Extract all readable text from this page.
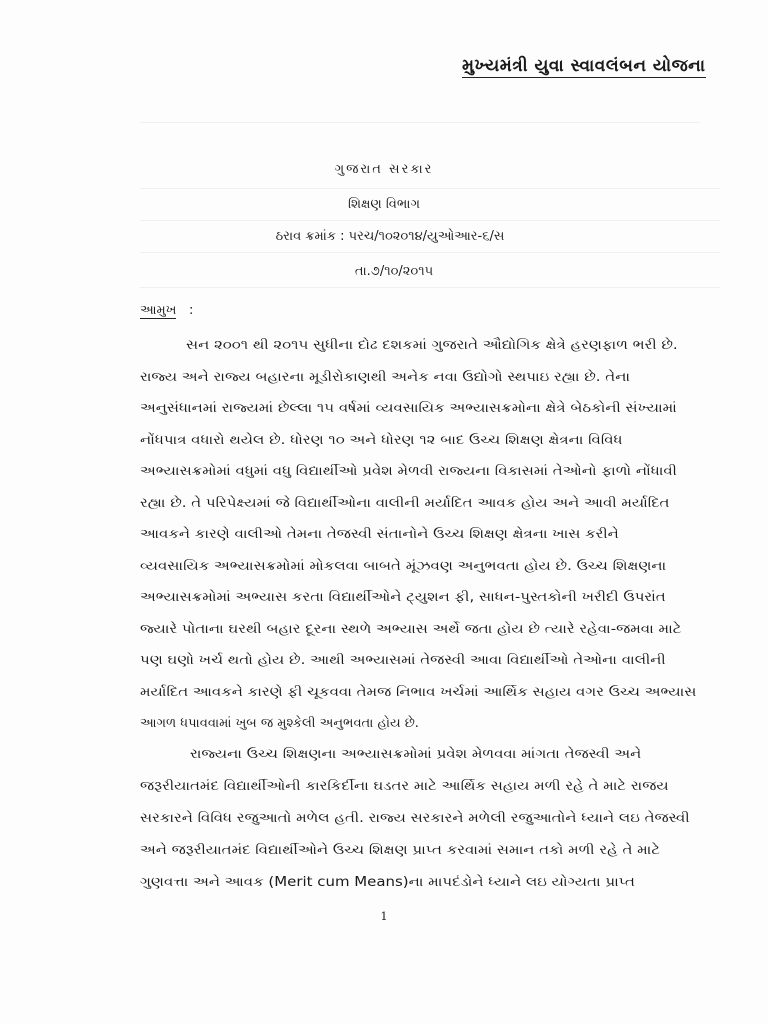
મુખ્યમંત્રી યુવા સ્વાવલંબન યોજના
ગુજરાત સરકાર
શિક્ષણ વિભાગ
ઠરાવ ક્રમાંક : પરચ/૧૦૨૦૧૪/યુઓઆર-૬/સ
તા.૭/૧૦/૨૦૧૫
આમુખ :
સન ૨૦૦૧ થી ૨૦૧૫ સુધીના દોઢ દશકમાં ગુજરાતે ઔદ્યોગિક ક્ષેત્રે હરણફાળ ભરી છે.
રાજ્ય અને રાજ્ય બહારના મૂડીરોકાણથી અનેક નવા ઉદ્યોગો સ્થપાઇ રહ્યા છે. તેના
અનુસંધાનમાં રાજ્યમાં છેલ્લા ૧૫ વર્ષમાં વ્યવસાયિક અભ્યાસક્રમોના ક્ષેત્રે બેઠકોની સંખ્યામાં
નોંધપાત્ર વધારો થયેલ છે. ધોરણ ૧૦ અને ધોરણ ૧૨ બાદ ઉચ્ચ શિક્ષણ ક્ષેત્રના વિવિધ
અભ્યાસક્રમોમાં વધુમાં વધુ વિદ્યાર્થીઓ પ્રવેશ મેળવી રાજ્યના વિકાસમાં તેઓનો ફાળો નોંધાવી
રહ્યા છે. તે પરિપેક્ષ્યમાં જે વિદ્યાર્થીઓના વાલીની મર્યાદિત આવક હોય અને આવી મર્યાદિત
આવકને કારણે વાલીઓ તેમના તેજસ્વી સંતાનોને ઉચ્ચ શિક્ષણ ક્ષેત્રના ખાસ કરીને
વ્યવસાયિક અભ્યાસક્રમોમાં મોકલવા બાબતે મૂંઝવણ અનુભવતા હોય છે. ઉચ્ચ શિક્ષણના
અભ્યાસક્રમોમાં અભ્યાસ કરતા વિદ્યાર્થીઓને ટ્યુશન ફી, સાધન-પુસ્તકોની ખરીદી ઉપરાંત
જ્યારે પોતાના ઘરથી બહાર દૂરના સ્થળે અભ્યાસ અર્થે જતા હોય છે ત્યારે રહેવા-જમવા માટે
પણ ઘણો ખર્ચ થતો હોય છે. આથી અભ્યાસમાં તેજસ્વી આવા વિદ્યાર્થીઓ તેઓના વાલીની
મર્યાદિત આવકને કારણે ફી ચૂકવવા તેમજ નિભાવ ખર્ચમાં આર્થિક સહાય વગર ઉચ્ચ અભ્યાસ
આગળ ધપાવવામાં ખુબ જ મુશ્કેલી અનુભવતા હોય છે.
રાજ્યના ઉચ્ચ શિક્ષણના અભ્યાસક્રમોમાં પ્રવેશ મેળવવા માંગતા તેજસ્વી અને
જરૂરીયાતમંદ વિદ્યાર્થીઓની કારકિર્દીના ઘડતર માટે આર્થિક સહાય મળી રહે તે માટે રાજય
સરકારને વિવિધ રજુઆતો મળેલ હતી. રાજ્ય સરકારને મળેલી રજુઆતોને ધ્યાને લઇ તેજસ્વી
અને જરૂરીયાતમંદ વિદ્યાર્થીઓને ઉચ્ચ શિક્ષણ પ્રાપ્ત કરવામાં સમાન તકો મળી રહે તે માટે
ગુણવત્તા અને આવક (Merit cum Means)ના માપદંડોને ધ્યાને લઇ યોગ્યતા પ્રાપ્ત
1
